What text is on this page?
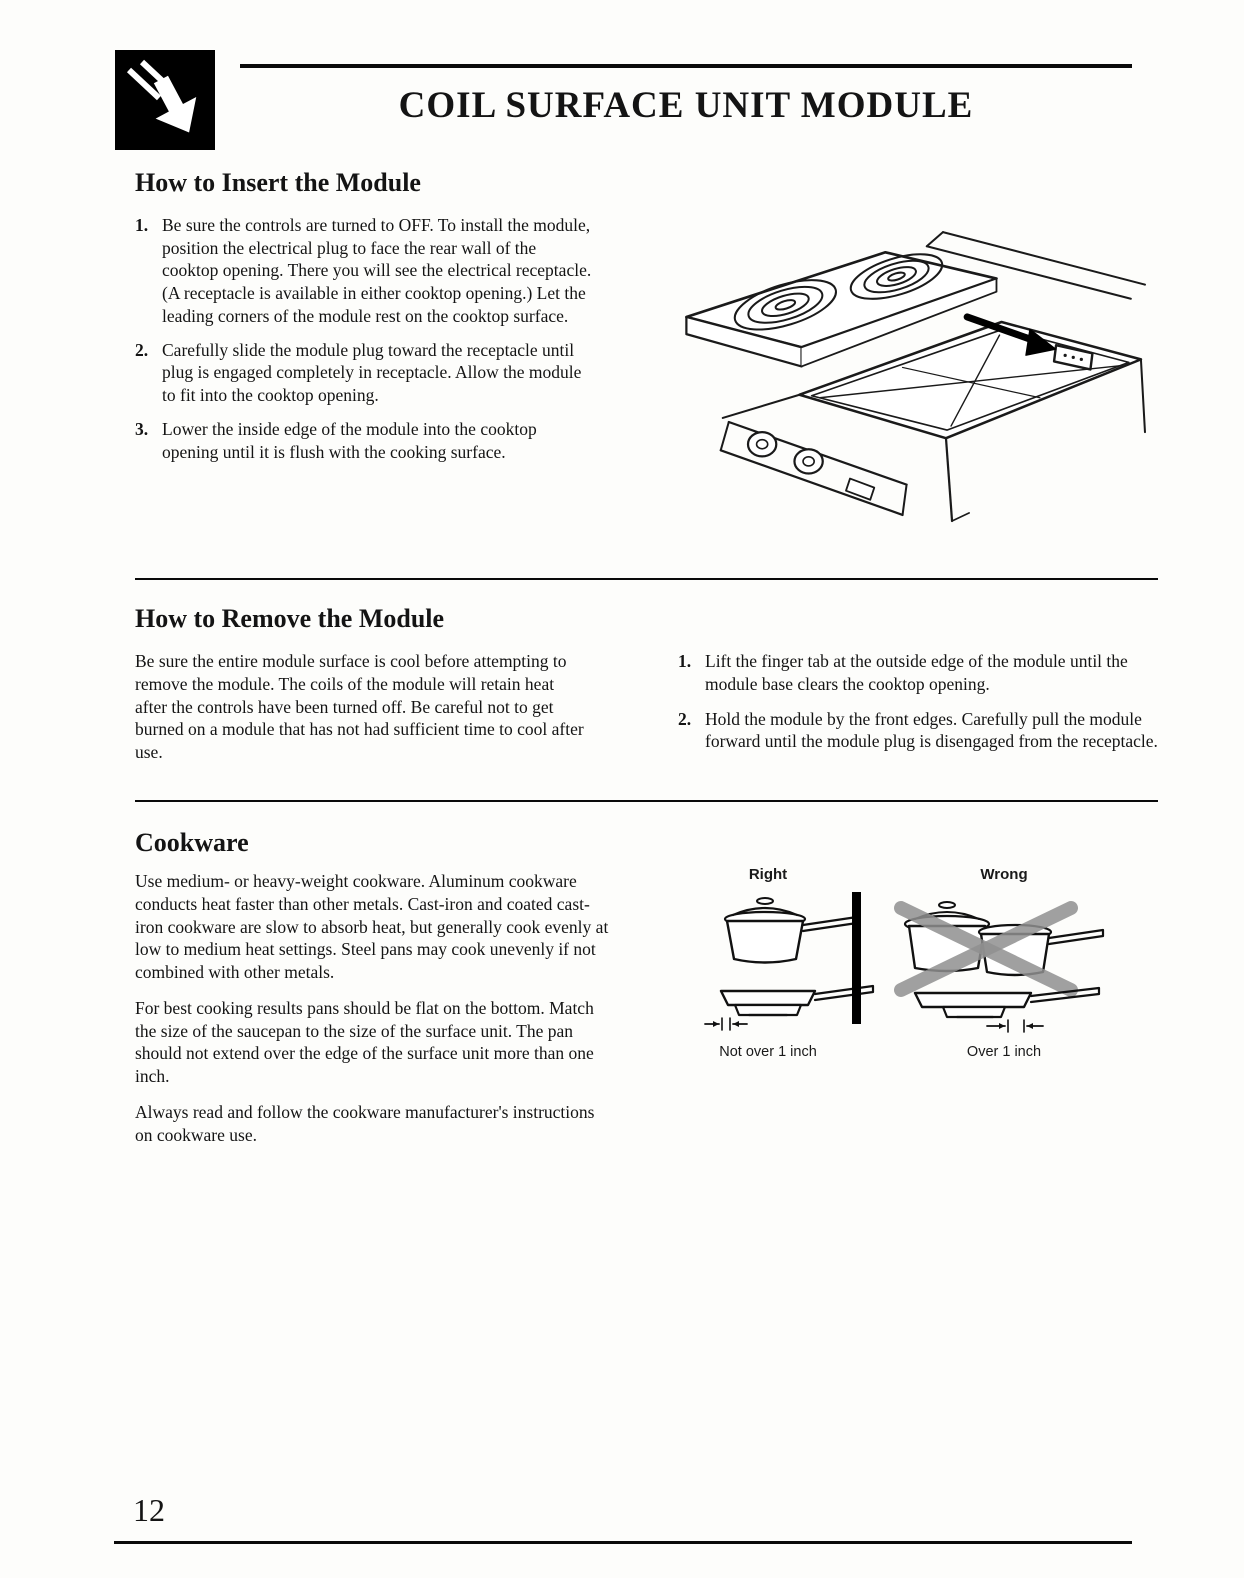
COIL SURFACE UNIT MODULE
How to Insert the Module
1. Be sure the controls are turned to OFF. To install the module, position the electrical plug to face the rear wall of the cooktop opening. There you will see the electrical receptacle. (A receptacle is available in either cooktop opening.) Let the leading corners of the module rest on the cooktop surface.
2. Carefully slide the module plug toward the receptacle until plug is engaged completely in receptacle. Allow the module to fit into the cooktop opening.
3. Lower the inside edge of the module into the cooktop opening until it is flush with the cooking surface.
How to Remove the Module
Be sure the entire module surface is cool before attempting to remove the module. The coils of the module will retain heat after the controls have been turned off. Be careful not to get burned on a module that has not had sufficient time to cool after use.
1. Lift the finger tab at the outside edge of the module until the module base clears the cooktop opening.
2. Hold the module by the front edges. Carefully pull the module forward until the module plug is disengaged from the receptacle.
Cookware

Use medium- or heavy-weight cookware. Aluminum cookware conducts heat faster than other metals. Cast-iron and coated cast-iron cookware are slow to absorb heat, but generally cook evenly at low to medium heat settings. Steel pans may cook unevenly if not combined with other metals.

For best cooking results pans should be flat on the bottom. Match the size of the saucepan to the size of the surface unit. The pan should not extend over the edge of the surface unit more than one inch.

Always read and follow the cookware manufacturer's instructions on cookware use.

Right	Wrong
Not over 1 inch	Over 1 inch
12
